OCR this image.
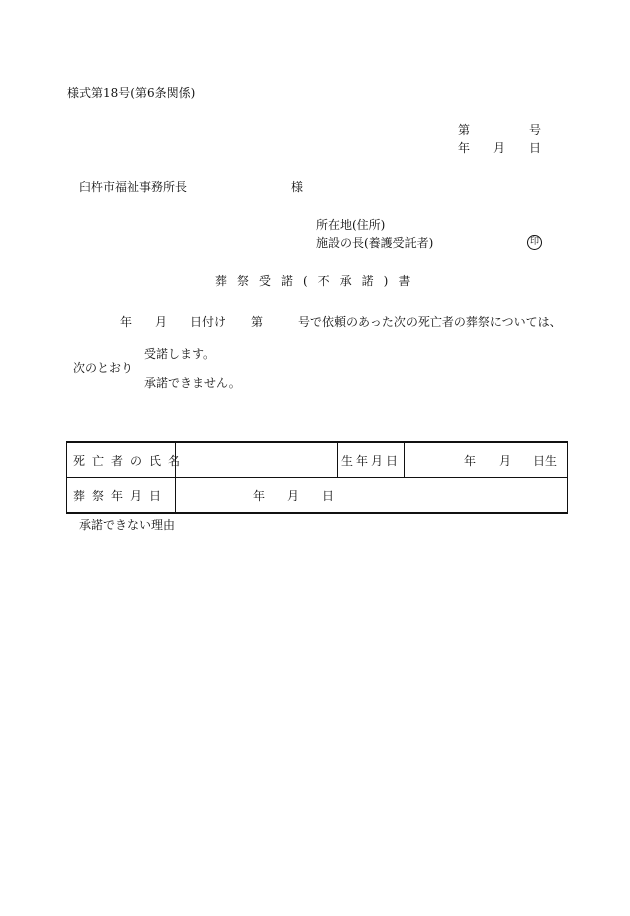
様式第18号(第6条関係)
第	号
年 月 日
臼杵市福祉事務所長	様
所在地(住所)
施設の長(養護受託者)	印
葬祭受諾(不承諾)書
年 月 日付け 第	号で依頼のあった次の死亡者の葬祭については、
受諾します。
次のとおり
承諾できません。
死亡者の氏名		生年月日	年 月 日生
葬祭年月日	年 月 日		
承諾できない理由
